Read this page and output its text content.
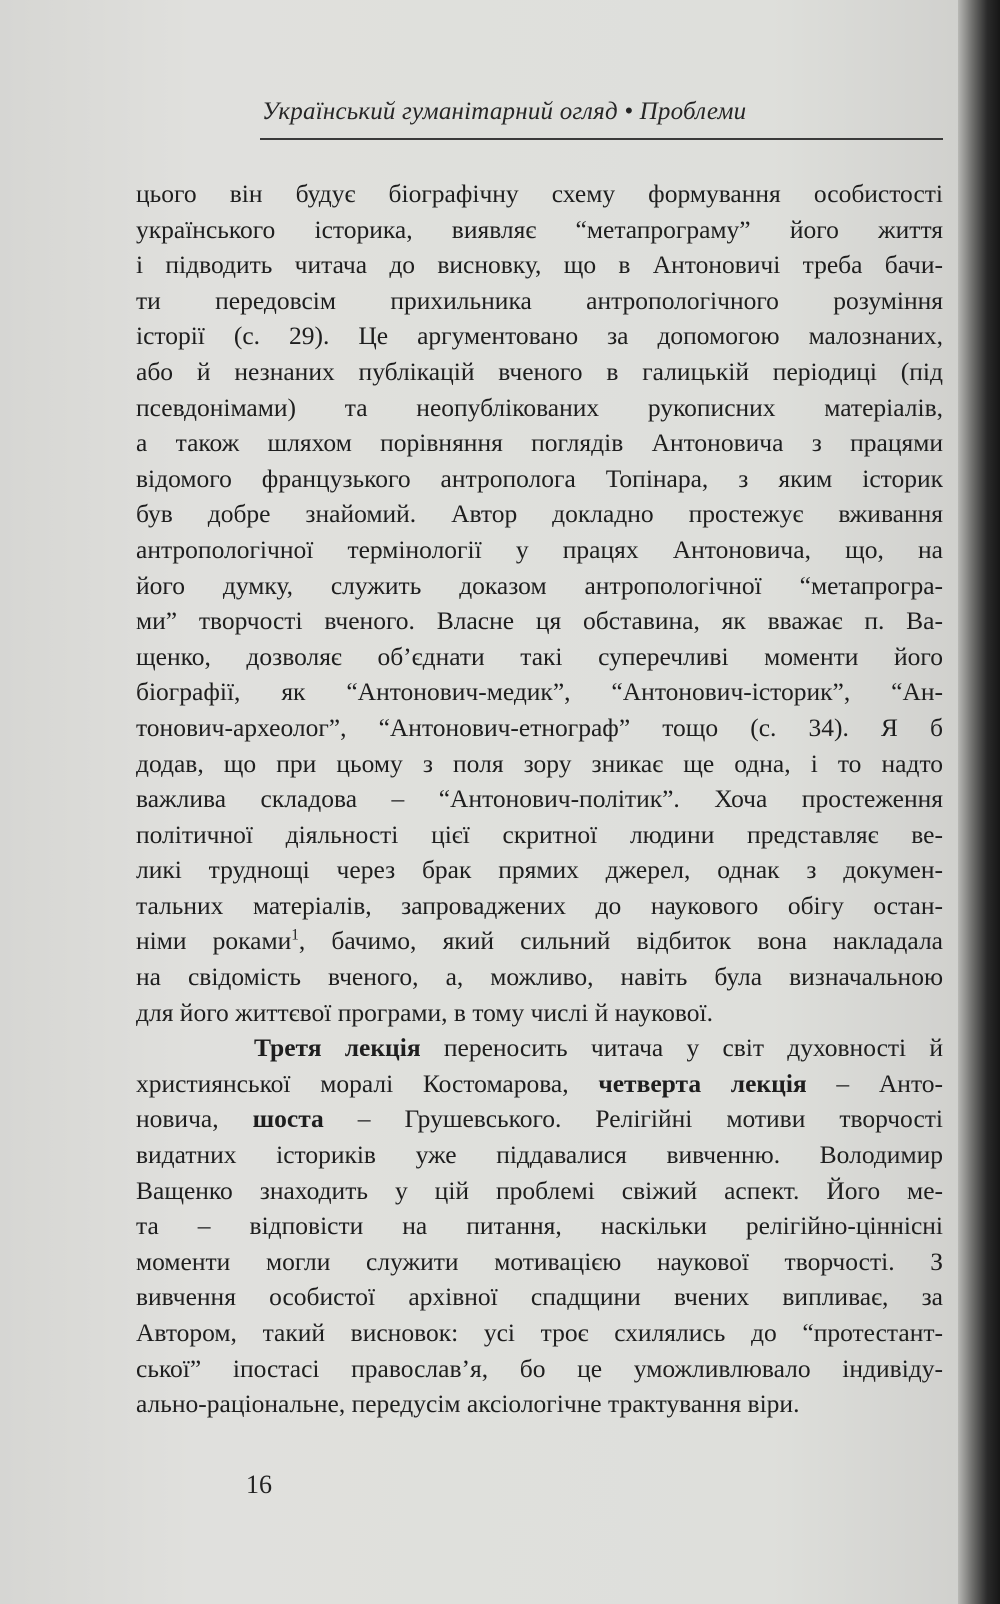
Український гуманітарний огляд • Проблеми
цього він будує біографічну схему формування особистості
українського історика, виявляє “метапрограму” його життя
і підводить читача до висновку, що в Антоновичі треба бачи-
ти передовсім прихильника антропологічного розуміння
історії (с. 29). Це аргументовано за допомогою малознаних,
або й незнаних публікацій вченого в галицькій періодиці (під
псевдонімами) та неопублікованих рукописних матеріалів,
а також шляхом порівняння поглядів Антоновича з працями
відомого французького антрополога Топінара, з яким історик
був добре знайомий. Автор докладно простежує вживання
антропологічної термінології у працях Антоновича, що, на
його думку, служить доказом антропологічної “метапрогра-
ми” творчості вченого. Власне ця обставина, як вважає п. Ва-
щенко, дозволяє об’єднати такі суперечливі моменти його
біографії, як “Антонович-медик”, “Антонович-історик”, “Ан-
тонович-археолог”, “Антонович-етнограф” тощо (с. 34). Я б
додав, що при цьому з поля зору зникає ще одна, і то надто
важлива складова – “Антонович-політик”. Хоча простеження
політичної діяльності цієї скритної людини представляє ве-
ликі труднощі через брак прямих джерел, однак з докумен-
тальних матеріалів, запроваджених до наукового обігу остан-
німи роками$^1$, бачимо, який сильний відбиток вона накладала
на свідомість вченого, а, можливо, навіть була визначальною
для його життєвої програми, в тому числі й наукової.
Третя лекція переносить читача у світ духовності й
християнської моралі Костомарова, четверта лекція – Анто-
новича, шоста – Грушевського. Релігійні мотиви творчості
видатних істориків уже піддавалися вивченню. Володимир
Ващенко знаходить у цій проблемі свіжий аспект. Його ме-
та – відповісти на питання, наскільки релігійно-ціннісні
моменти могли служити мотивацією наукової творчості. З
вивчення особистої архівної спадщини вчених випливає, за
Автором, такий висновок: усі троє схилялись до “протестант-
ської” іпостасі православ’я, бо це уможливлювало індивіду-
ально-раціональне, передусім аксіологічне трактування віри.
16
